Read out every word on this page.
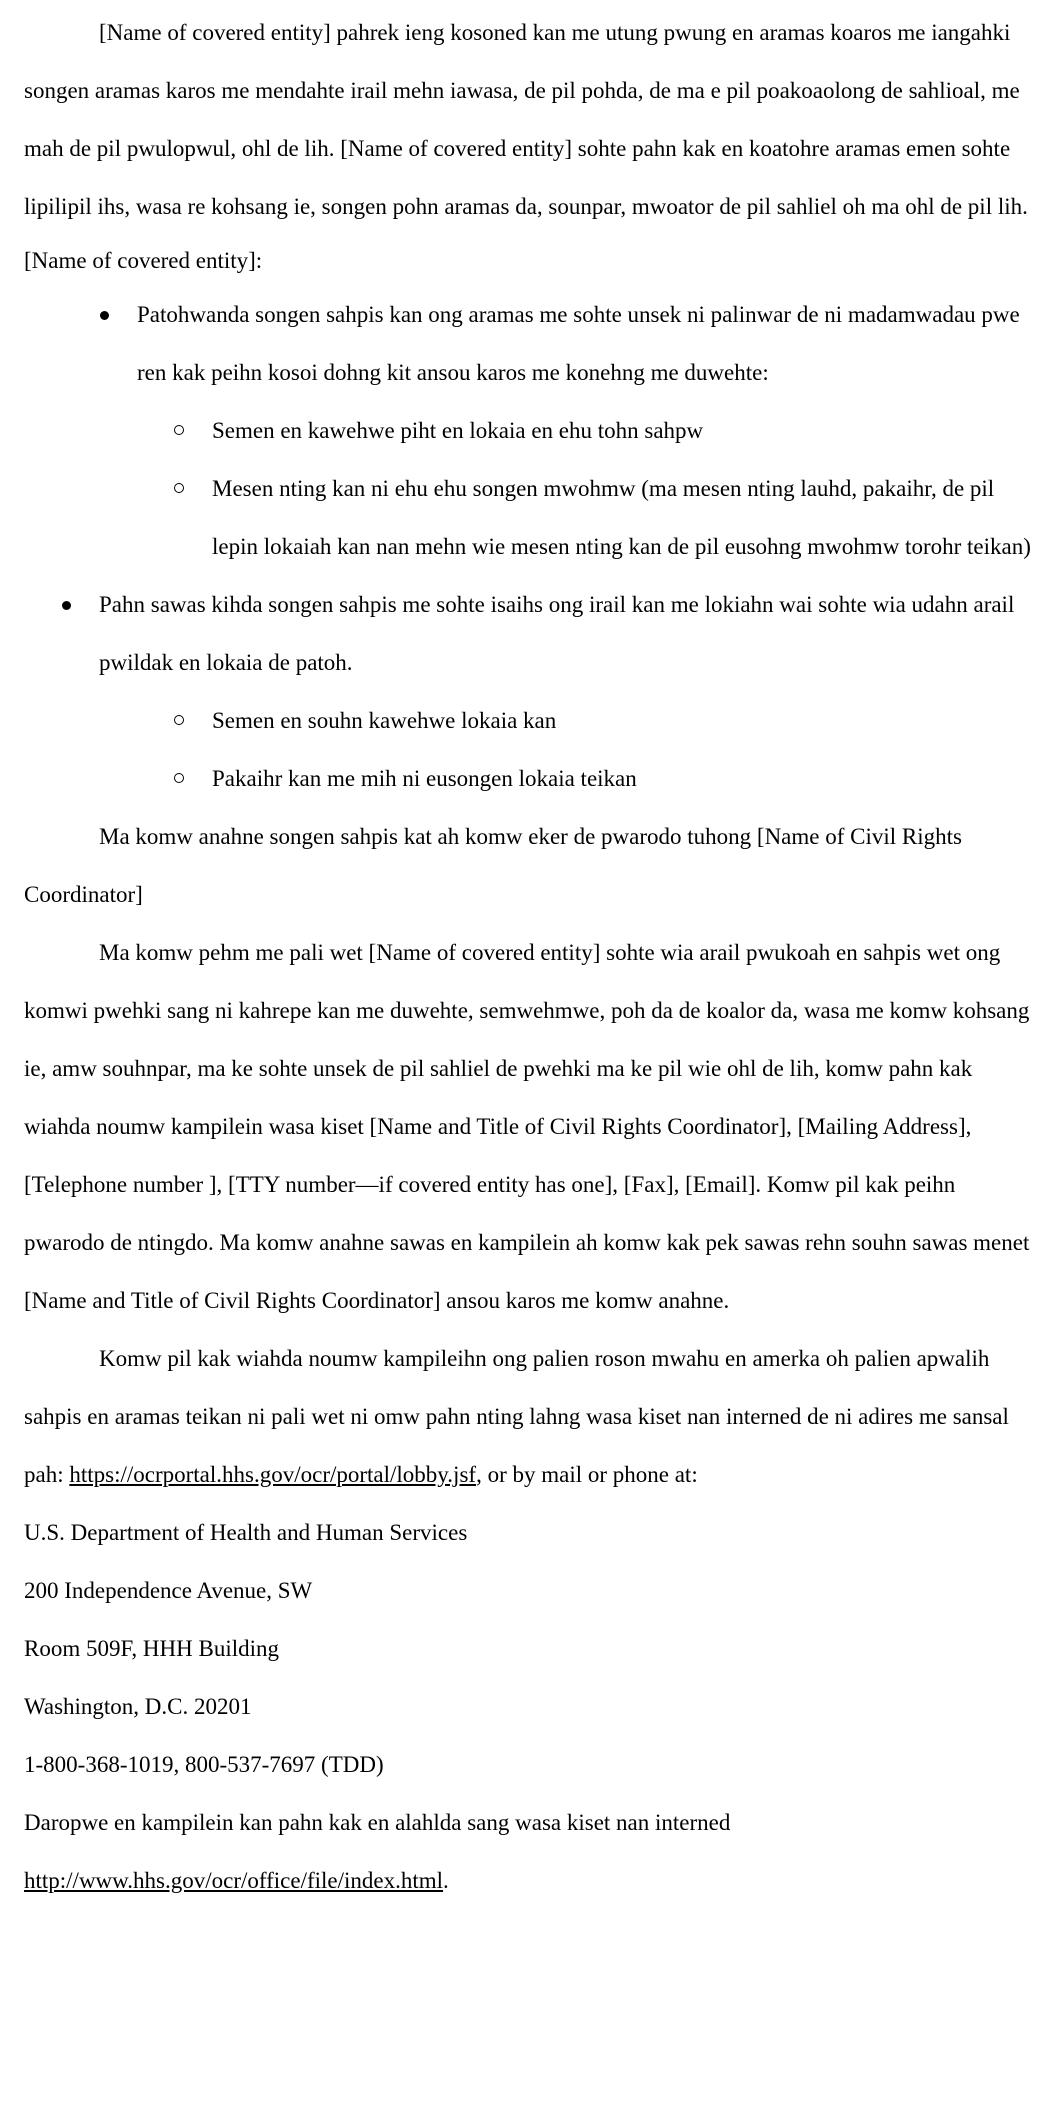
[Name of covered entity] pahrek ieng kosoned kan me utung pwung en aramas koaros me iangahki songen aramas karos me mendahte irail mehn iawasa, de pil pohda, de ma e pil poakoaolong de sahlioal, me mah de pil pwulopwul, ohl de lih. [Name of covered entity] sohte pahn kak en koatohre aramas emen sohte lipilipil ihs, wasa re kohsang ie, songen pohn aramas da, sounpar, mwoator de pil sahliel oh ma ohl de pil lih.

[Name of covered entity]:

Patohwanda songen sahpis kan ong aramas me sohte unsek ni palinwar de ni madamwadau pwe ren kak peihn kosoi dohng kit ansou karos me konehng me duwehte:
Semen en kawehwe piht en lokaia en ehu tohn sahpw
Mesen nting kan ni ehu ehu songen mwohmw (ma mesen nting lauhd, pakaihr, de pil lepin lokaiah kan nan mehn wie mesen nting kan de pil eusohng mwohmw torohr teikan)
Pahn sawas kihda songen sahpis me sohte isaihs ong irail kan me lokiahn wai sohte wia udahn arail pwildak en lokaia de patoh.
Semen en souhn kawehwe lokaia kan
Pakaihr kan me mih ni eusongen lokaia teikan

Ma komw anahne songen sahpis kat ah komw eker de pwarodo tuhong [Name of Civil Rights Coordinator]

Ma komw pehm me pali wet [Name of covered entity] sohte wia arail pwukoah en sahpis wet ong komwi pwehki sang ni kahrepe kan me duwehte, semwehmwe, poh da de koalor da, wasa me komw kohsang ie, amw souhnpar, ma ke sohte unsek de pil sahliel de pwehki ma ke pil wie ohl de lih, komw pahn kak wiahda noumw kampilein wasa kiset [Name and Title of Civil Rights Coordinator], [Mailing Address], [Telephone number ], [TTY number—if covered entity has one], [Fax], [Email]. Komw pil kak peihn pwarodo de ntingdo. Ma komw anahne sawas en kampilein ah komw kak pek sawas rehn souhn sawas menet [Name and Title of Civil Rights Coordinator] ansou karos me komw anahne.

Komw pil kak wiahda noumw kampileihn ong palien roson mwahu en amerka oh palien apwalih sahpis en aramas teikan ni pali wet ni omw pahn nting lahng wasa kiset nan interned de ni adires me sansal pah: https://ocrportal.hhs.gov/ocr/portal/lobby.jsf, or by mail or phone at:

U.S. Department of Health and Human Services

200 Independence Avenue, SW

Room 509F, HHH Building

Washington, D.C. 20201

1-800-368-1019, 800-537-7697 (TDD)

Daropwe en kampilein kan pahn kak en alahlda sang wasa kiset nan interned

http://www.hhs.gov/ocr/office/file/index.html.
